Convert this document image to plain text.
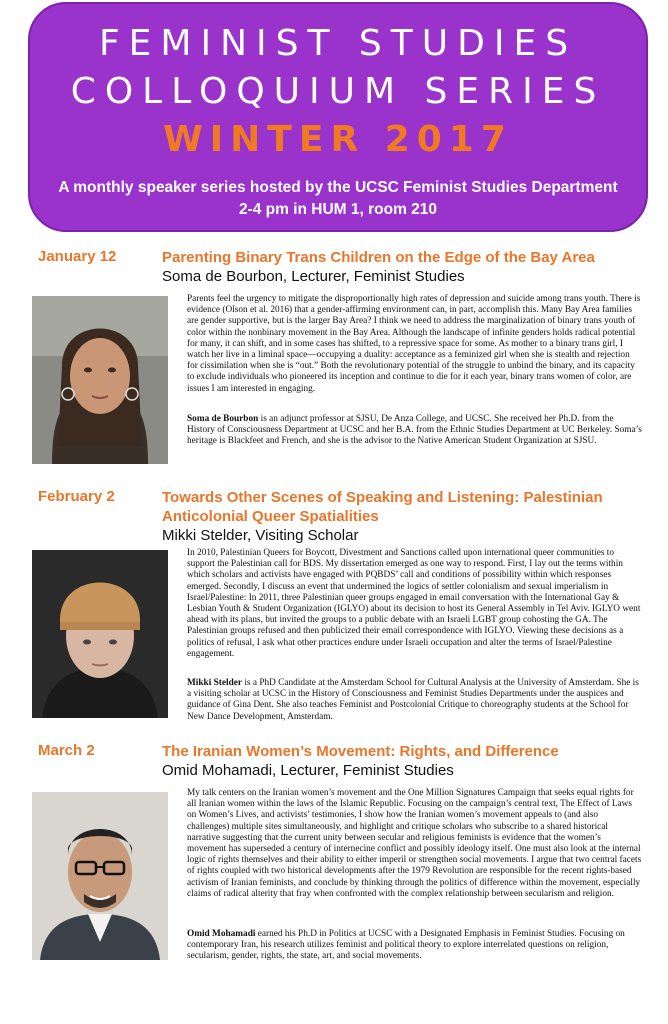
FEMINIST STUDIES
COLLOQUIUM SERIES
WINTER 2017
A monthly speaker series hosted by the UCSC Feminist Studies Department
2-4 pm in HUM 1, room 210
January 12	Parenting Binary Trans Children on the Edge of the Bay Area
Soma de Bourbon, Lecturer, Feminist Studies

Parents feel the urgency to mitigate the disproportionally high rates of depression and suicide among trans youth. There is evidence (Olson et al. 2016) that a gender-affirming environment can, in part, accomplish this. Many Bay Area families are gender supportive, but is the larger Bay Area? I think we need to address the marginalization of binary trans youth of color within the nonbinary movement in the Bay Area. Although the landscape of infinite genders holds radical potential for many, it can shift, and in some cases has shifted, to a repressive space for some. As mother to a binary trans girl, I watch her live in a liminal space—occupying a duality: acceptance as a feminized girl when she is stealth and rejection for cissimilation when she is “out.” Both the revolutionary potential of the struggle to unbind the binary, and its capacity to exclude individuals who pioneered its inception and continue to die for it each year, binary trans women of color, are issues I am interested in engaging.

Soma de Bourbon is an adjunct professor at SJSU, De Anza College, and UCSC. She received her Ph.D. from the History of Consciousness Department at UCSC and her B.A. from the Ethnic Studies Department at UC Berkeley. Soma’s heritage is Blackfeet and French, and she is the advisor to the Native American Student Organization at SJSU.

February 2	Towards Other Scenes of Speaking and Listening: Palestinian Anticolonial Queer Spatialities
Mikki Stelder, Visiting Scholar

In 2010, Palestinian Queers for Boycott, Divestment and Sanctions called upon international queer communities to support the Palestinian call for BDS. My dissertation emerged as one way to respond. First, I lay out the terms within which scholars and activists have engaged with PQBDS’ call and conditions of possibility within which responses emerged. Secondly, I discuss an event that undermined the logics of settler colonialism and sexual imperialism in Israel/Palestine: In 2011, three Palestinian queer groups engaged in email conversation with the International Gay & Lesbian Youth & Student Organization (IGLYO) about its decision to host its General Assembly in Tel Aviv. IGLYO went ahead with its plans, but invited the groups to a public debate with an Israeli LGBT group cohosting the GA. The Palestinian groups refused and then publicized their email correspondence with IGLYO. Viewing these decisions as a politics of refusal, I ask what other practices endure under Israeli occupation and alter the terms of Israel/Palestine engagement.

Mikki Stelder is a PhD Candidate at the Amsterdam School for Cultural Analysis at the University of Amsterdam. She is a visiting scholar at UCSC in the History of Consciousness and Feminist Studies Departments under the auspices and guidance of Gina Dent. She also teaches Feminist and Postcolonial Critique to choreography students at the School for New Dance Development, Amsterdam.

March 2	The Iranian Women’s Movement: Rights, and Difference
Omid Mohamadi, Lecturer, Feminist Studies

My talk centers on the Iranian women’s movement and the One Million Signatures Campaign that seeks equal rights for all Iranian women within the laws of the Islamic Republic. Focusing on the campaign’s central text, The Effect of Laws on Women’s Lives, and activists’ testimonies, I show how the Iranian women’s movement appeals to (and also challenges) multiple sites simultaneously, and highlight and critique scholars who subscribe to a shared historical narrative suggesting that the current unity between secular and religious feminists is evidence that the women’s movement has superseded a century of internecine conflict and possibly ideology itself. One must also look at the internal logic of rights themselves and their ability to either imperil or strengthen social movements. I argue that two central facets of rights coupled with two historical developments after the 1979 Revolution are responsible for the recent rights-based activism of Iranian feminists, and conclude by thinking through the politics of difference within the movement, especially claims of radical alterity that fray when confronted with the complex relationship between secularism and religion.

Omid Mohamadi earned his Ph.D in Politics at UCSC with a Designated Emphasis in Feminist Studies. Focusing on contemporary Iran, his research utilizes feminist and political theory to explore interrelated questions on religion, secularism, gender, rights, the state, art, and social movements.
